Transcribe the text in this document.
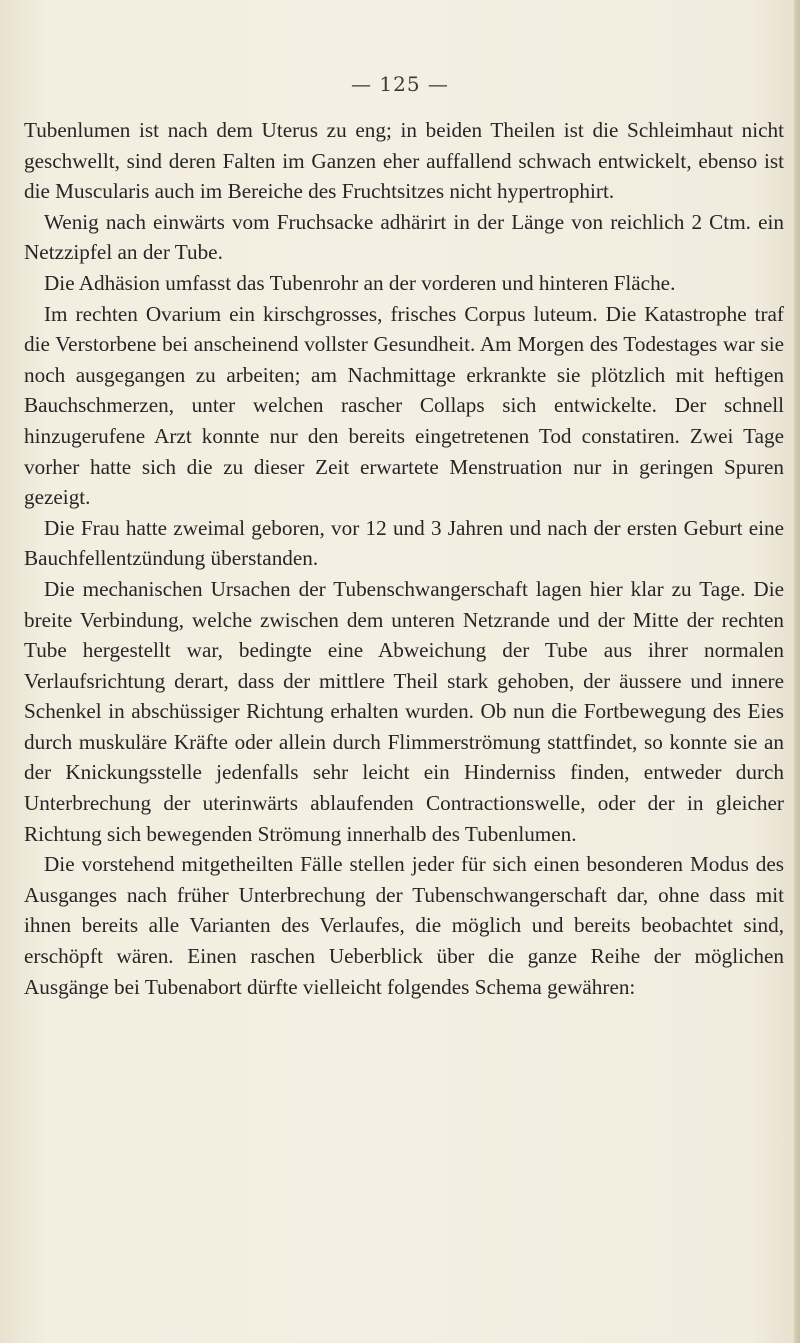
— 125 —

Tubenlumen ist nach dem Uterus zu eng; in beiden Theilen ist die Schleimhaut nicht geschwellt, sind deren Falten im Ganzen eher auffallend schwach entwickelt, ebenso ist die Muscularis auch im Bereiche des Fruchtsitzes nicht hypertrophirt.

Wenig nach einwärts vom Fruchsacke adhärirt in der Länge von reichlich 2 Ctm. ein Netzzipfel an der Tube.

Die Adhäsion umfasst das Tubenrohr an der vorderen und hinteren Fläche.

Im rechten Ovarium ein kirschgrosses, frisches Corpus luteum. Die Katastrophe traf die Verstorbene bei anscheinend vollster Gesundheit. Am Morgen des Todestages war sie noch ausgegangen zu arbeiten; am Nachmittage erkrankte sie plötzlich mit heftigen Bauchschmerzen, unter welchen rascher Collaps sich entwickelte. Der schnell hinzugerufene Arzt konnte nur den bereits eingetretenen Tod constatiren. Zwei Tage vorher hatte sich die zu dieser Zeit erwartete Menstruation nur in geringen Spuren gezeigt.

Die Frau hatte zweimal geboren, vor 12 und 3 Jahren und nach der ersten Geburt eine Bauchfellentzündung überstanden.

Die mechanischen Ursachen der Tubenschwangerschaft lagen hier klar zu Tage. Die breite Verbindung, welche zwischen dem unteren Netzrande und der Mitte der rechten Tube hergestellt war, bedingte eine Abweichung der Tube aus ihrer normalen Verlaufsrichtung derart, dass der mittlere Theil stark gehoben, der äussere und innere Schenkel in abschüssiger Richtung erhalten wurden. Ob nun die Fortbewegung des Eies durch muskuläre Kräfte oder allein durch Flimmerströmung stattfindet, so konnte sie an der Knickungsstelle jedenfalls sehr leicht ein Hinderniss finden, entweder durch Unterbrechung der uterinwärts ablaufenden Contractionswelle, oder der in gleicher Richtung sich bewegenden Strömung innerhalb des Tubenlumen.

Die vorstehend mitgetheilten Fälle stellen jeder für sich einen besonderen Modus des Ausganges nach früher Unterbrechung der Tubenschwangerschaft dar, ohne dass mit ihnen bereits alle Varianten des Verlaufes, die möglich und bereits beobachtet sind, erschöpft wären. Einen raschen Ueberblick über die ganze Reihe der möglichen Ausgänge bei Tubenabort dürfte vielleicht folgendes Schema gewähren:
